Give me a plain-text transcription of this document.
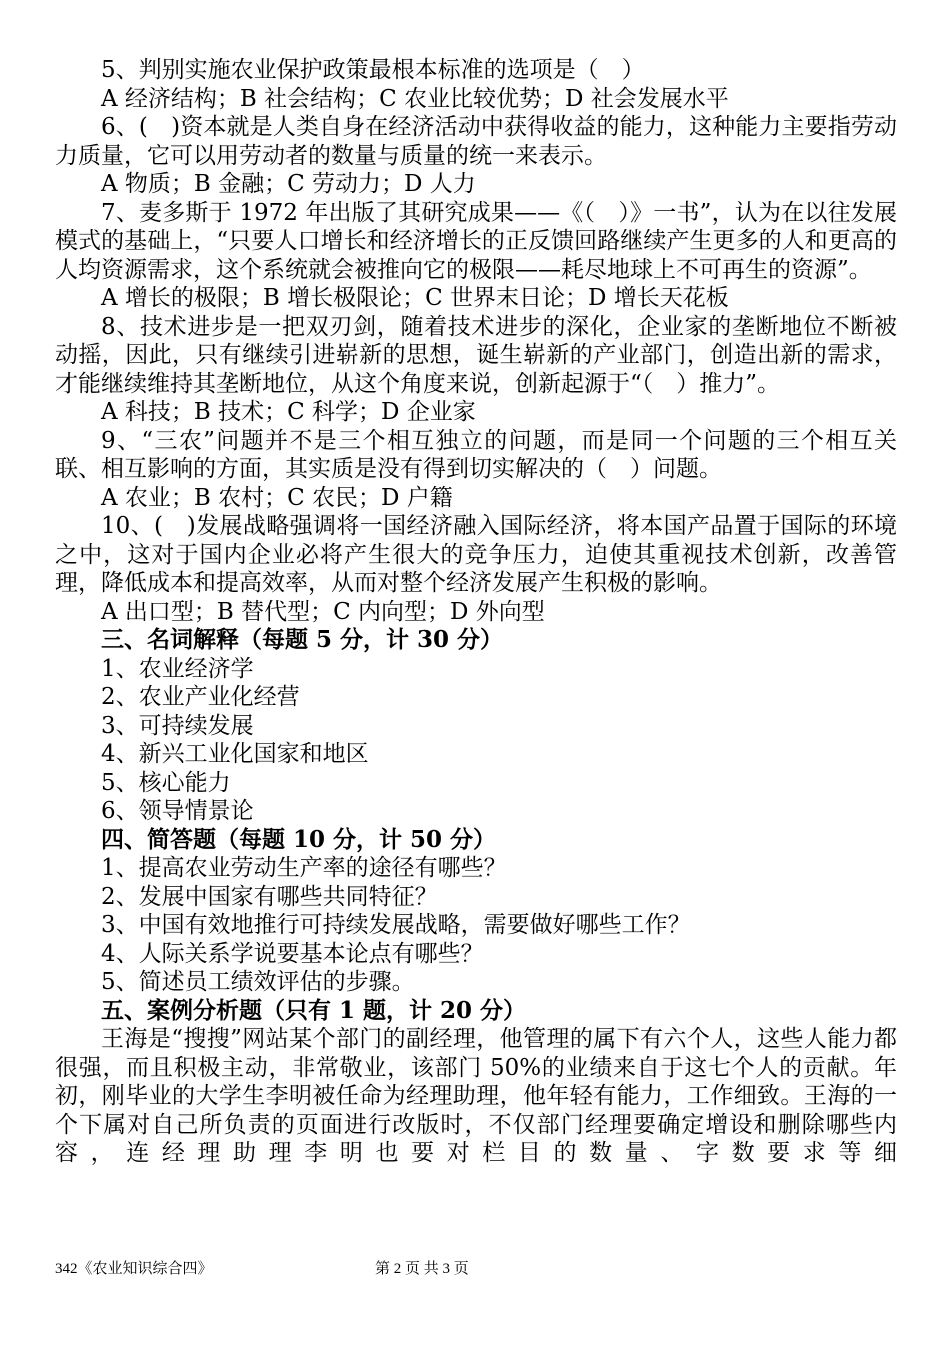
5、判别实施农业保护政策最根本标准的选项是（　）

A 经济结构；B 社会结构；C 农业比较优势；D 社会发展水平

6、(　)资本就是人类自身在经济活动中获得收益的能力，这种能力主要指劳动力质量，它可以用劳动者的数量与质量的统一来表示。

A 物质；B 金融；C 劳动力；D 人力

7、麦多斯于 1972 年出版了其研究成果——《（　）》一书”，认为在以往发展模式的基础上，“只要人口增长和经济增长的正反馈回路继续产生更多的人和更高的人均资源需求，这个系统就会被推向它的极限——耗尽地球上不可再生的资源”。

A 增长的极限；B 增长极限论；C 世界末日论；D 增长天花板

8、技术进步是一把双刃剑，随着技术进步的深化，企业家的垄断地位不断被动摇，因此，只有继续引进崭新的思想，诞生崭新的产业部门，创造出新的需求，才能继续维持其垄断地位，从这个角度来说，创新起源于“（　）推力”。

A 科技；B 技术；C 科学；D 企业家

9、“三农”问题并不是三个相互独立的问题，而是同一个问题的三个相互关联、相互影响的方面，其实质是没有得到切实解决的（　）问题。

A 农业；B 农村；C 农民；D 户籍

10、(　)发展战略强调将一国经济融入国际经济，将本国产品置于国际的环境之中，这对于国内企业必将产生很大的竞争压力，迫使其重视技术创新，改善管理，降低成本和提高效率，从而对整个经济发展产生积极的影响。

A 出口型；B 替代型；C 内向型；D 外向型

三、名词解释（每题 5 分，计 30 分）

1、农业经济学

2、农业产业化经营

3、可持续发展

4、新兴工业化国家和地区

5、核心能力

6、领导情景论

四、简答题（每题 10 分，计 50 分）

1、提高农业劳动生产率的途径有哪些？

2、发展中国家有哪些共同特征？

3、中国有效地推行可持续发展战略，需要做好哪些工作？

4、人际关系学说要基本论点有哪些？

5、简述员工绩效评估的步骤。

五、案例分析题（只有 1 题，计 20 分）

王海是“搜搜”网站某个部门的副经理，他管理的属下有六个人，这些人能力都很强，而且积极主动，非常敬业，该部门 50%的业绩来自于这七个人的贡献。年初，刚毕业的大学生李明被任命为经理助理，他年轻有能力，工作细致。王海的一个下属对自己所负责的页面进行改版时，不仅部门经理要确定增设和删除哪些内容，连经理助理李明也要对栏目的数量、字数要求等细

342《农业知识综合四》	第 2 页 共 3 页
